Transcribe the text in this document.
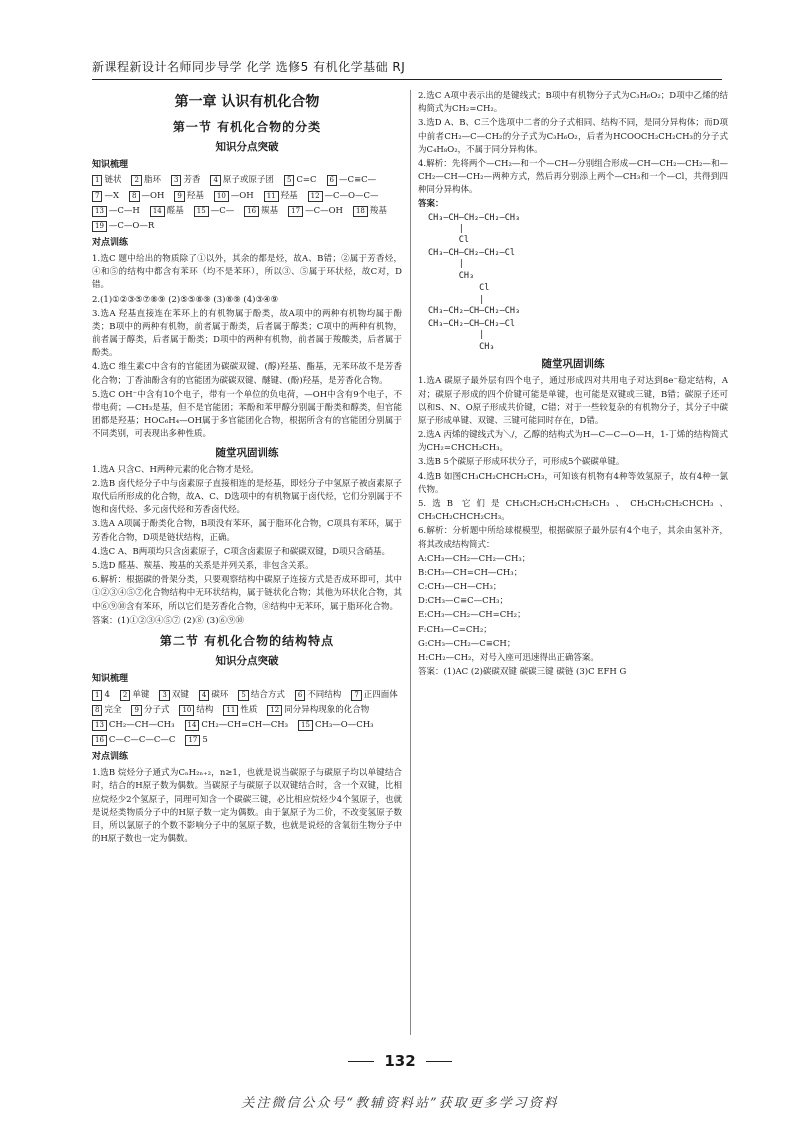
新课程新设计名师同步导学 化学 选修5 有机化学基础 RJ
第一章 认识有机化合物
第一节 有机化合物的分类
知识分点突破
知识梳理
1 链状	2 脂环	3 芳香	4 原子或原子团	5 C=C	6 —C≡C—
7 —X	8 —OH	9 羟基	10 —OH	11 羟基	12 —C—O—C—
13 —C—H	14 醛基	15 —C—	16 羰基	17 —C—OH	18 羧基
19 —C—O—R
对点训练
1.选C 题中给出的物质除了①以外，其余的都是烃，故A、B错；②属于芳香烃，④和⑤的结构中都含有苯环（均不是苯环），所以③、⑤属于环状烃，故C对，D错。
2.(1)①②③⑤⑦⑧⑨ (2)⑤⑤⑧⑨ (3)⑧⑨ (4)③④⑨
3.选A 羟基直接连在苯环上的有机物属于酚类，故A项中的两种有机物均属于酚类；B项中的两种有机物，前者属于酚类，后者属于醇类；C项中的两种有机物，前者属于醇类，后者属于酚类；D项中的两种有机物，前者属于羧酸类，后者属于酚类。
4.选C 维生素C中含有的官能团为碳碳双键、(醇)羟基、酯基，无苯环故不是芳香化合物；丁香油酚含有的官能团为碳碳双键、醚键、(酚)羟基，是芳香化合物。
5.选C OH⁻中含有10个电子，带有一个单位的负电荷，—OH中含有9个电子，不带电荷；—CH₃是基，但不是官能团；苯酚和苯甲醇分别属于酚类和醇类，但官能团都是羟基；HOC₆H₄—OH属于多官能团化合物，根据所含有的官能团分别属于不同类别，可表现出多种性质。
随堂巩固训练
1.选A 只含C、H两种元素的化合物才是烃。
2.选B 卤代烃分子中与卤素原子直接相连的是烃基，即烃分子中氢原子被卤素原子取代后所形成的化合物，故A、C、D选项中的有机物属于卤代烃，它们分别属于不饱和卤代烃、多元卤代烃和芳香卤代烃。
3.选A A项属于酚类化合物，B项没有苯环，属于脂环化合物，C项具有苯环，属于芳香化合物，D项是链状结构，正确。
4.选C A、B两项均只含卤素原子，C项含卤素原子和碳碳双键，D项只含硝基。
5.选D 醛基、羰基、羧基的关系是并列关系，非包含关系。
6.解析：根据碳的骨架分类，只要观察结构中碳原子连接方式是否成环即可，其中①②③④⑤⑦化合物结构中无环状结构，属于链状化合物；其他为环状化合物，其中⑥⑨⑩含有苯环，所以它们是芳香化合物，⑧结构中无苯环，属于脂环化合物。
答案：(1)①②③④⑤⑦ (2)⑧ (3)⑥⑨⑩
第二节 有机化合物的结构特点
知识分点突破
知识梳理
1 4	2 单键	3 双键	4 碳环	5 结合方式	6 不同结构	7 正四面体
8 完全	9 分子式	10 结构	11 性质	12 同分异构现象的化合物
13 CH₂—CH—CH₃	14 CH₂—CH=CH—CH₃	15 CH₃—O—CH₃
16 C—C—C—C—C	17 5
对点训练
1.选B 烷烃分子通式为CₙH₂ₙ₊₂，n≥1，也就是说当碳原子与碳原子均以单键结合时，结合的H原子数为偶数。当碳原子与碳原子以双键结合时，含一个双键，比相应烷烃少2个氢原子，同理可知含一个碳碳三键，必比相应烷烃少4个氢原子，也就是说烃类物质分子中的H原子数一定为偶数。由于氯原子为二价，不改变氢原子数目，所以氯原子的个数不影响分子中的氢原子数，也就是说烃的含氧衍生物分子中的H原子数也一定为偶数。
2.选C A项中表示出的是键线式；B项中有机物分子式为C₃H₆O₂；D项中乙烯的结构简式为CH₂=CH₂。
3.选D A、B、C三个选项中二者的分子式相同、结构不同，是同分异构体；而D项中前者CH₂—C—CH₂的分子式为C₃H₆O₂，后者为HCOOCH₂CH₂CH₃的分子式为C₄H₈O₂，不属于同分异构体。
4.解析：先将两个—CH₂—和一个—CH—分别组合形成—CH—CH₂—CH₂—和—CH₂—CH—CH₂—两种方式，然后再分别添上两个—CH₃和一个—Cl，共得到四种同分异构体。
答案：
CH₃—CH—CH₂—CH₂—CH₃
|
Cl
CH₃—CH—CH₂—CH₂—Cl
|
CH₃
Cl
|
CH₃—CH₂—CH—CH₂—CH₃
CH₃—CH₂—CH—CH₂—Cl
|
CH₃
随堂巩固训练
1.选A 碳原子最外层有四个电子，通过形成四对共用电子对达到8e⁻稳定结构，A对；碳原子形成的四个价键可能是单键，也可能是双键或三键，B错；碳原子还可以和S、N、O原子形成共价键，C错；对于一些较复杂的有机物分子，其分子中碳原子形成单键、双键、三键可能同时存在，D错。
2.选A 丙烯的键线式为＼∕，乙醇的结构式为H—C—C—O—H，1-丁烯的结构简式为CH₂=CHCH₂CH₃。
3.选B 5个碳原子形成环状分子，可形成5个碳碳单键。
4.选B 如图CH₃CH₂CHCH₂CH₃，可知该有机物有4种等效氢原子，故有4种一氯代物。
5.选B 它们是CH₃CH₂CH₂CH₂CH₂CH₃、CH₃CH₂CH₂CHCH₃、CH₃CH₂CHCH₂CH₃。
6.解析：分析题中所给球棍模型，根据碳原子最外层有4个电子，其余由氢补齐，将其改成结构简式：
A:CH₃—CH₂—CH₂—CH₃；
B:CH₃—CH=CH—CH₃；
C:CH₃—CH—CH₃；
D:CH₃—C≡C—CH₃；
E:CH₃—CH₂—CH=CH₂；
F:CH₃—C=CH₂；
G:CH₃—CH₂—C≡CH；
H:CH₂—CH₂，对号入座可迅速得出正确答案。
答案：(1)AC (2)碳碳双键 碳碳三键 碳链 (3)C EFH G
132
关注微信公众号“教辅资料站”获取更多学习资料
